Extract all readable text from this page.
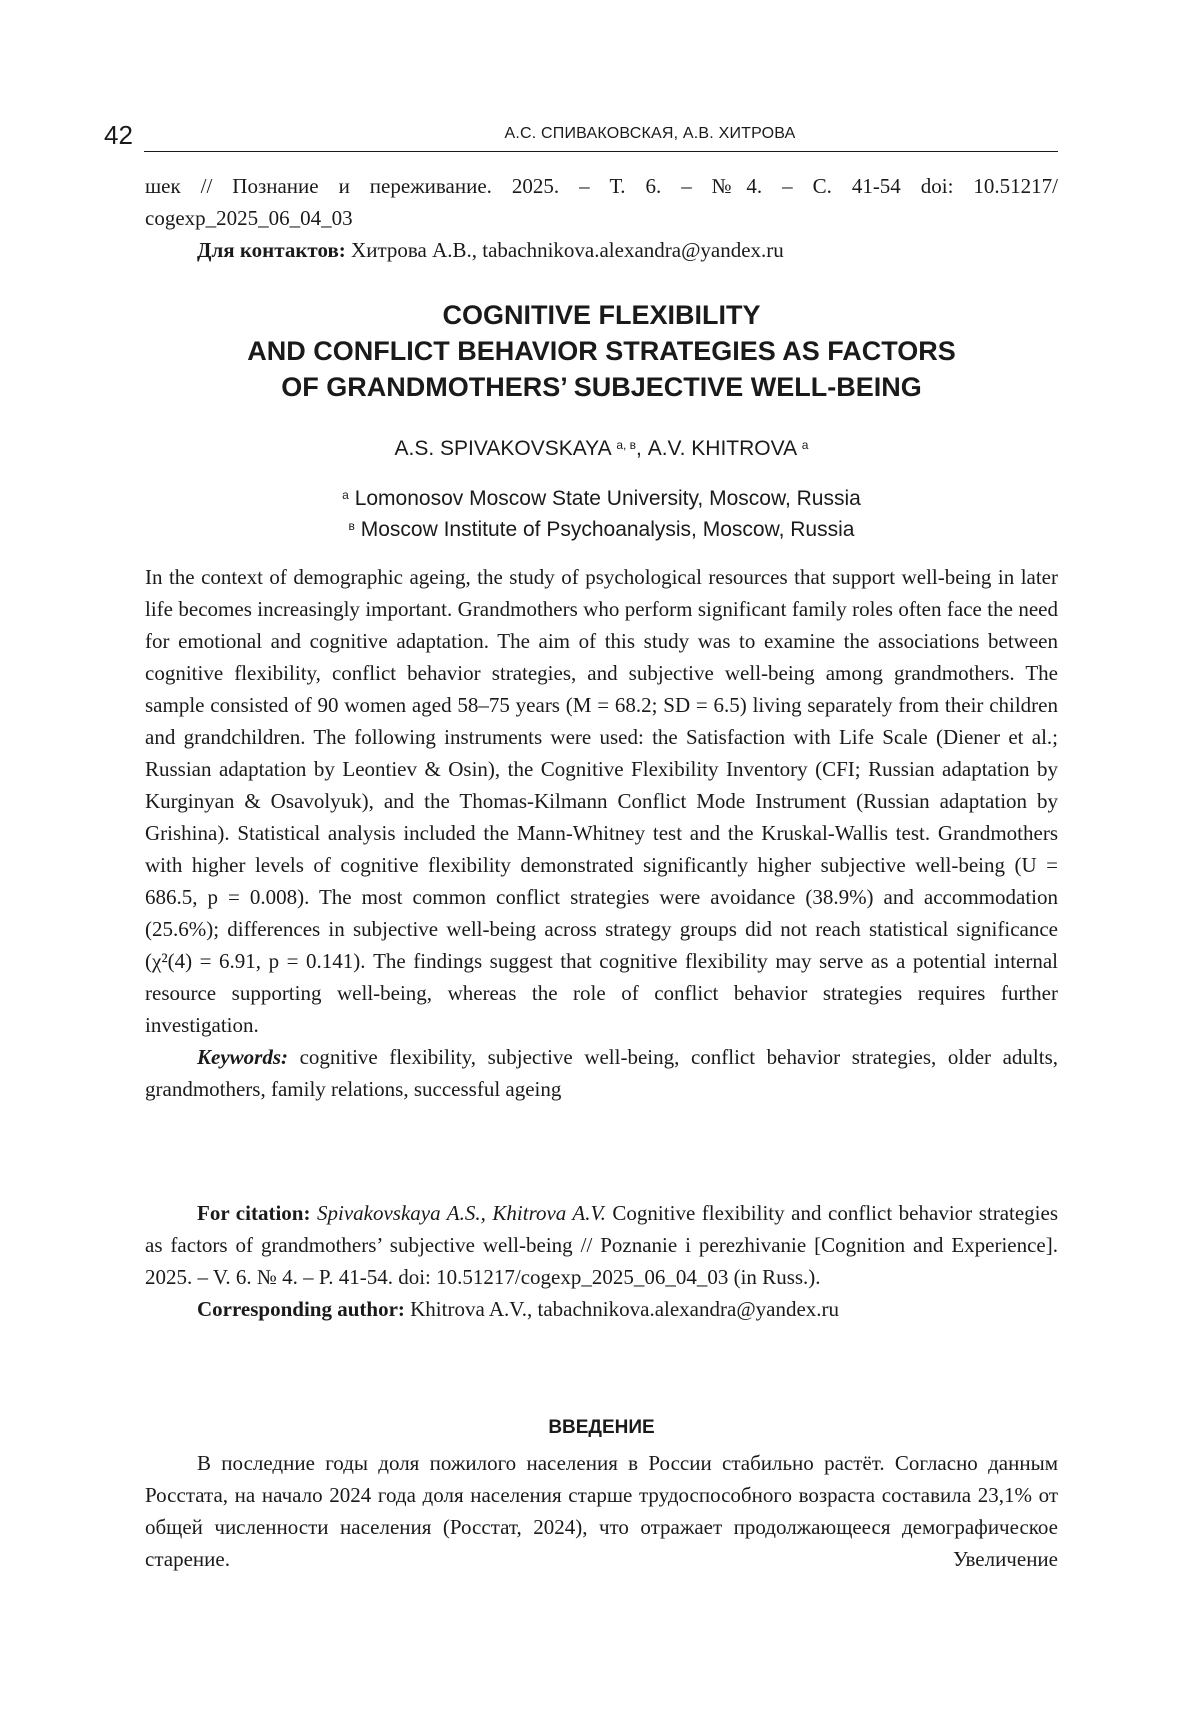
42	А.С. СПИВАКОВСКАЯ, А.В. ХИТРОВА

шек // Познание и переживание. 2025. – Т. 6. – №4. – С. 41-54 doi: 10.51217/

cogexp_2025_06_04_03

Для контактов: Хитрова А.В., tabachnikova.alexandra@yandex.ru

COGNITIVE FLEXIBILITY
AND CONFLICT BEHAVIOR STRATEGIES AS FACTORS
OF GRANDMOTHERS’ SUBJECTIVE WELL-BEING
A.S. SPIVAKOVSKAYA $^{a, в}$, A.V. KHITROVA $^a$
$^a$ Lomonosov Moscow State University, Moscow, Russia
$^в$ Moscow Institute of Psychoanalysis, Moscow, Russia

In the context of demographic ageing, the study of psychological resources that support well-being in later life becomes increasingly important. Grandmothers who perform significant family roles often face the need for emotional and cognitive adaptation. The aim of this study was to examine the associations between cognitive flexibility, conflict behavior strategies, and subjective well-being among grandmothers. The sample consisted of 90 women aged 58–75 years (M = 68.2; SD = 6.5) living separately from their children and grandchildren. The following instruments were used: the Satisfaction with Life Scale (Diener et al.; Russian adaptation by Leontiev & Osin), the Cognitive Flexibility Inventory (CFI; Russian adaptation by Kurginyan & Osavolyuk), and the Thomas-Kilmann Conflict Mode Instrument (Russian adaptation by Grishina). Statistical analysis included the Mann-Whitney test and the Kruskal-Wallis test. Grandmothers with higher levels of cognitive flexibility demonstrated significantly higher subjective well-being (U = 686.5, p = 0.008). The most common conflict strategies were avoidance (38.9%) and accommodation (25.6%); differences in subjective well-being across strategy groups did not reach statistical significance (χ²(4) = 6.91, p = 0.141). The findings suggest that cognitive flexibility may serve as a potential internal resource supporting well-being, whereas the role of conflict behavior strategies requires further investigation.

Keywords: cognitive flexibility, subjective well-being, conflict behavior strategies, older adults, grandmothers, family relations, successful ageing

For citation: Spivakovskaya A.S., Khitrova A.V. Cognitive flexibility and conflict behavior strategies as factors of grandmothers’ subjective well-being // Poznanie i perezhivanie [Cognition and Experience]. 2025. – V. 6. № 4. – P. 41-54. doi: 10.51217/cogexp_2025_06_04_03 (in Russ.).

Corresponding author: Khitrova A.V., tabachnikova.alexandra@yandex.ru

ВВЕДЕНИЕ

В последние годы доля пожилого населения в России стабильно растёт. Согласно данным Росстата, на начало 2024 года доля населения старше трудоспособного возраста составила 23,1% от общей численности населения (Росстат, 2024), что отражает продолжающееся демографическое старение. Увеличение
